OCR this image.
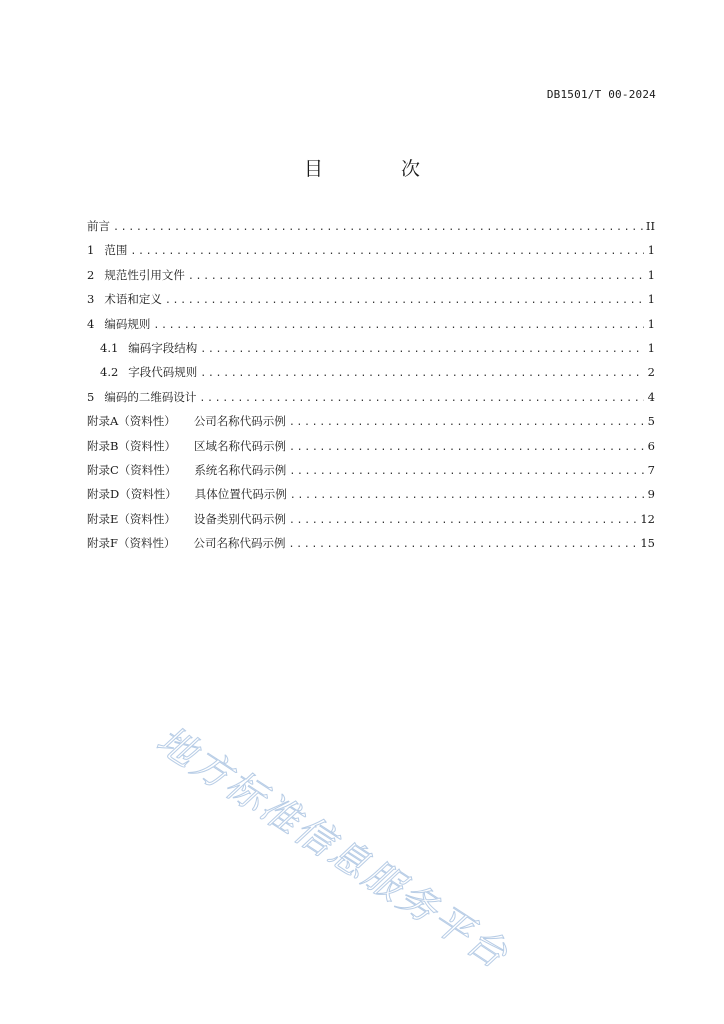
DB1501/T 00-2024
目 次
前言 .....	II
1 范围 .....	1
2 规范性引用文件 .....	1
3 术语和定义 .....	1
4 编码规则 .....	1
4.1 编码字段结构 .....	1
4.2 字段代码规则 .....	2
5 编码的二维码设计 .....	4
附录A（资料性） 公司名称代码示例 .....	5
附录B（资料性） 区域名称代码示例 .....	6
附录C（资料性） 系统名称代码示例 .....	7
附录D（资料性） 具体位置代码示例 .....	9
附录E（资料性） 设备类别代码示例 .....	12
附录F（资料性） 公司名称代码示例 .....	15
地方标准信息服务平台
